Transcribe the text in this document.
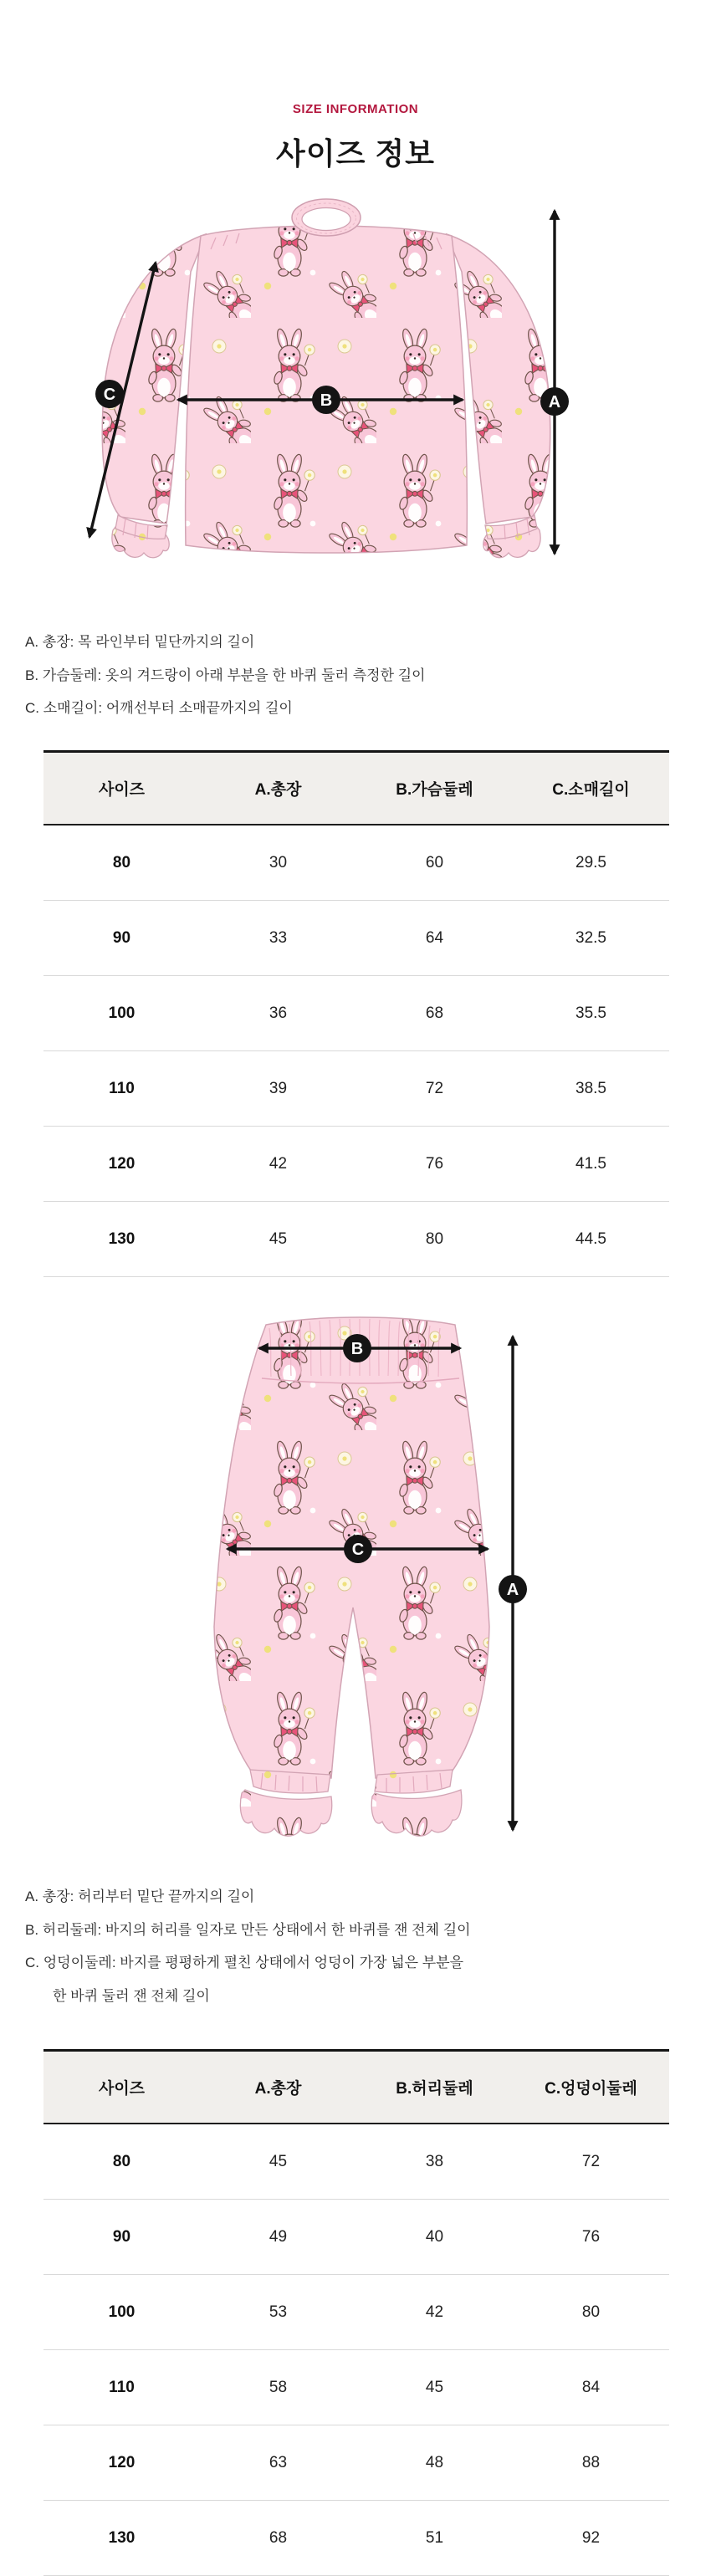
SIZE INFORMATION
사이즈 정보
A
B
C
A. 총장: 목 라인부터 밑단까지의 길이
B. 가슴둘레: 옷의 겨드랑이 아래 부분을 한 바퀴 둘러 측정한 길이
C. 소매길이: 어깨선부터 소매끝까지의 길이
사이즈	A.총장	B.가슴둘레	C.소매길이
80	30	60	29.5
90	33	64	32.5
100	36	68	35.5
110	39	72	38.5
120	42	76	41.5
130	45	80	44.5
A
B
C
A. 총장: 허리부터 밑단 끝까지의 길이
B. 허리둘레: 바지의 허리를 일자로 만든 상태에서 한 바퀴를 잰 전체 길이
C. 엉덩이둘레: 바지를 평평하게 펼친 상태에서 엉덩이 가장 넓은 부분을
한 바퀴 둘러 잰 전체 길이
사이즈	A.총장	B.허리둘레	C.엉덩이둘레
80	45	38	72
90	49	40	76
100	53	42	80
110	58	45	84
120	63	48	88
130	68	51	92
